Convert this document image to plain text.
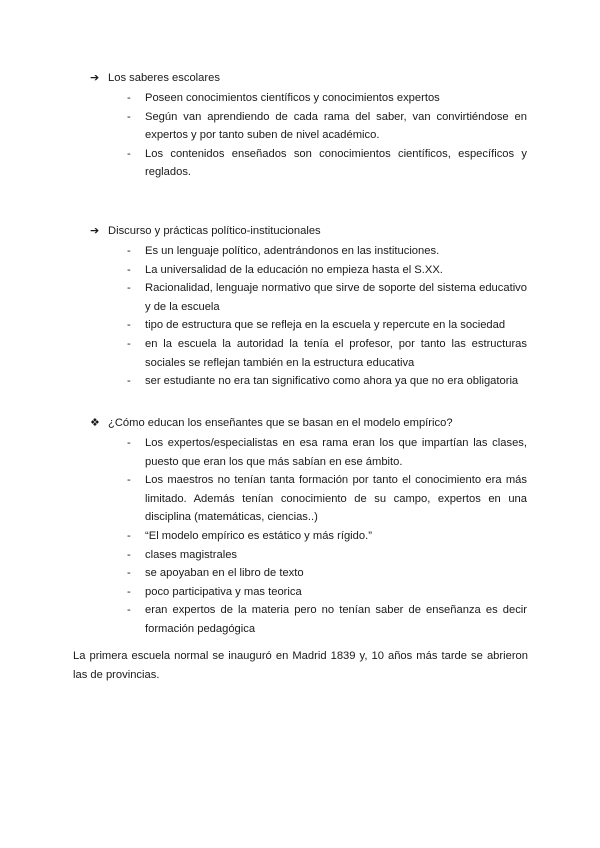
➔ Los saberes escolares
- Poseen conocimientos científicos y conocimientos expertos
- Según van aprendiendo de cada rama del saber, van convirtiéndose en expertos y por tanto suben de nivel académico.
- Los contenidos enseñados son conocimientos científicos, específicos y reglados.
➔ Discurso y prácticas político-institucionales
- Es un lenguaje político, adentrándonos en las instituciones.
- La universalidad de la educación no empieza hasta el S.XX.
- Racionalidad, lenguaje normativo que sirve de soporte del sistema educativo y de la escuela
- tipo de estructura que se refleja en la escuela y repercute en la sociedad
- en la escuela la autoridad la tenía el profesor, por tanto las estructuras sociales se reflejan también en la estructura educativa
- ser estudiante no era tan significativo como ahora ya que no era obligatoria
❖ ¿Cómo educan los enseñantes que se basan en el modelo empírico?
- Los expertos/especialistas en esa rama eran los que impartían las clases, puesto que eran los que más sabían en ese ámbito.
- Los maestros no tenían tanta formación por tanto el conocimiento era más limitado. Además tenían conocimiento de su campo, expertos en una disciplina (matemáticas, ciencias..)
- “El modelo empírico es estático y más rígido.”
- clases magistrales
- se apoyaban en el libro de texto
- poco participativa y mas teorica
- eran expertos de la materia pero no tenían saber de enseñanza es decir formación pedagógica
La primera escuela normal se inauguró en Madrid 1839 y, 10 años más tarde se abrieron las de provincias.
